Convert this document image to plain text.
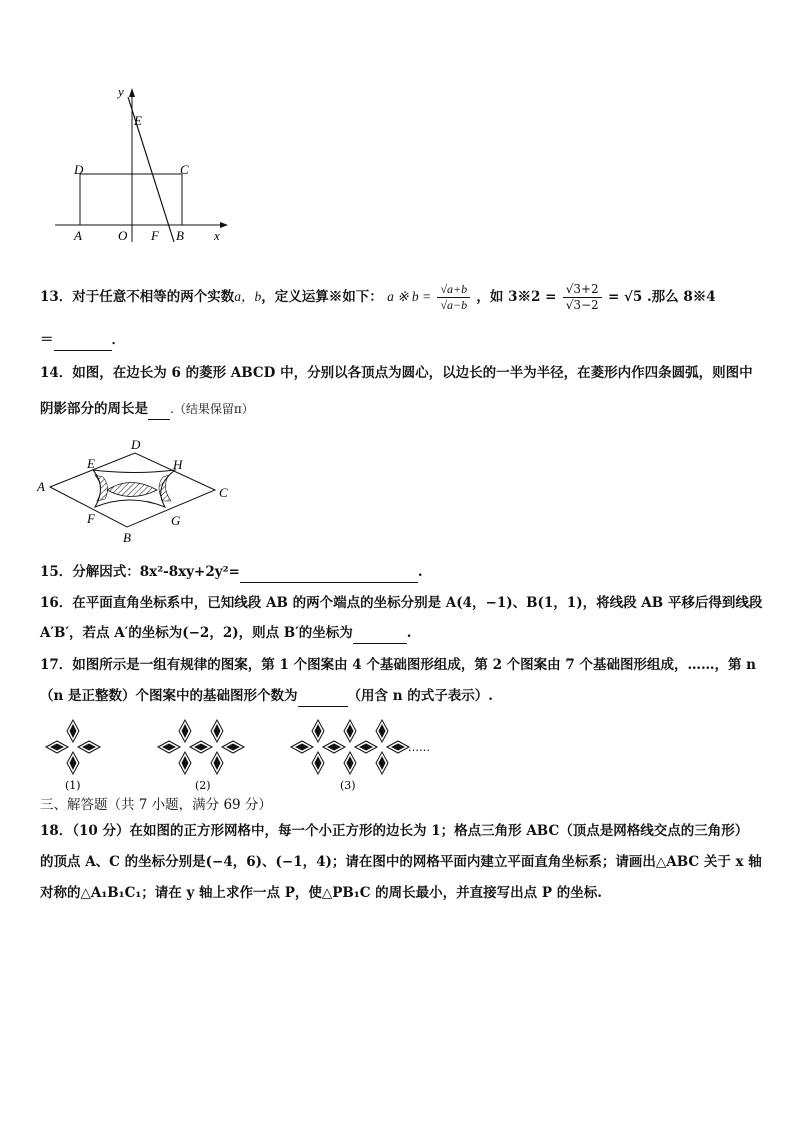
y
E
D	C
A	O F B x
13．对于任意不相等的两个实数a，b，定义运算※如下： a ※ $b = \frac{√a+b}{√a-b}$ ，如 3※2 = $\frac{√3+2}{√3-2} = √5$ .那么 8※4
＝	．
14．如图，在边长为 6 的菱形 ABCD 中，分别以各顶点为圆心，以边长的一半为半径，在菱形内作四条圆弧，则图中
阴影部分的周长是 .（结果保留π）
D
E	H
A	C
F	G
B
15．分解因式：8x²-8xy+2y²=	.
16．在平面直角坐标系中，已知线段 AB 的两个端点的坐标分别是 A(4，−1)、B(1，1)，将线段 AB 平移后得到线段
A′B′，若点 A′的坐标为(−2，2)，则点 B′的坐标为	.
17．如图所示是一组有规律的图案，第 1 个图案由 4 个基础图形组成，第 2 个图案由 7 个基础图形组成，……，第 n
（n 是正整数）个图案中的基础图形个数为	（用含 n 的式子表示）.
……
(1)	(2)	(3)
三、解答题（共 7 小题，满分 69 分）
18．（10 分）在如图的正方形网格中，每一个小正方形的边长为 1；格点三角形 ABC（顶点是网格线交点的三角形）
的顶点 A、C 的坐标分别是(−4，6)、(−1，4)；请在图中的网格平面内建立平面直角坐标系；请画出△ABC 关于 x 轴
对称的△A₁B₁C₁；请在 y 轴上求作一点 P，使△PB₁C 的周长最小，并直接写出点 P 的坐标.
